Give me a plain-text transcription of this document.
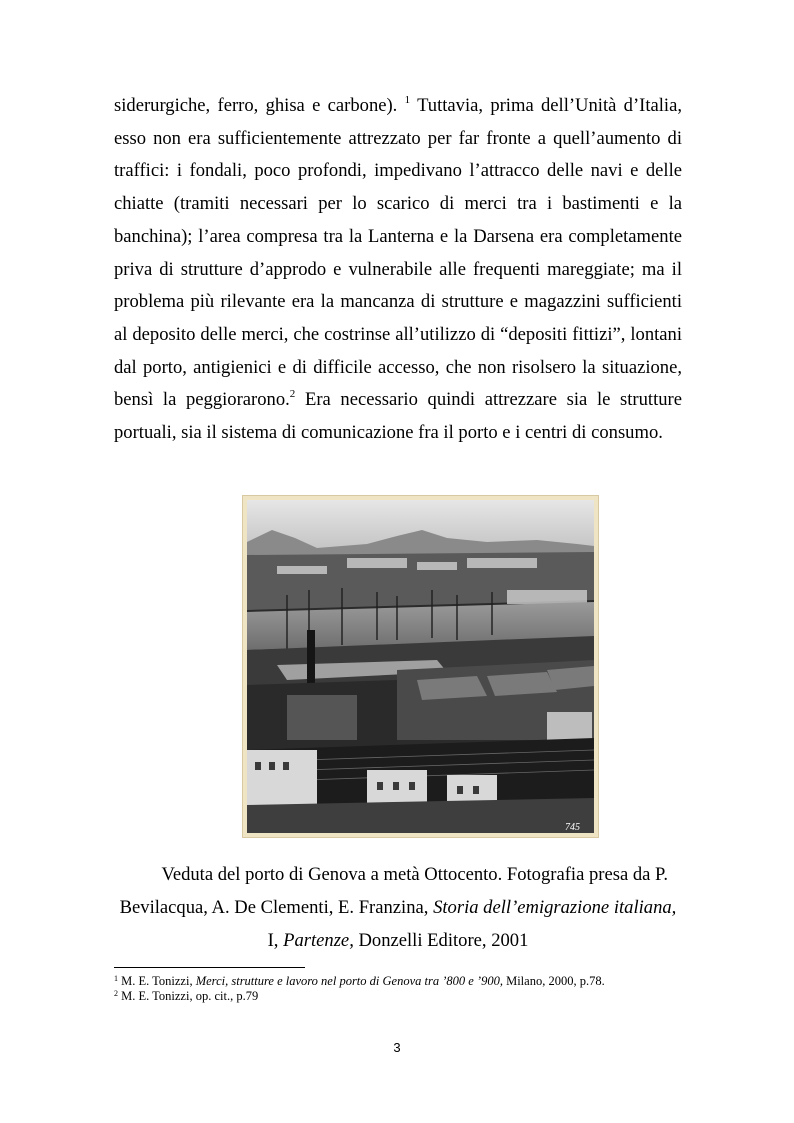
siderurgiche, ferro, ghisa e carbone). $^1$ Tuttavia, prima dell’Unità d’Italia, esso non era sufficientemente attrezzato per far fronte a quell’aumento di traffici: i fondali, poco profondi, impedivano l’attracco delle navi e delle chiatte (tramiti necessari per lo scarico di merci tra i bastimenti e la banchina); l’area compresa tra la Lanterna e la Darsena era completamente priva di strutture d’approdo e vulnerabile alle frequenti mareggiate; ma il problema più rilevante era la mancanza di strutture e magazzini sufficienti al deposito delle merci, che costrinse all’utilizzo di “depositi fittizi”, lontani dal porto, antigienici e di difficile accesso, che non risolsero la situazione, bensì la peggiorarono.$^2$ Era necessario quindi attrezzare sia le strutture portuali, sia il sistema di comunicazione fra il porto e i centri di consumo.

745

Veduta del porto di Genova a metà Ottocento. Fotografia presa da P.
Bevilacqua, A. De Clementi, E. Franzina, Storia dell’emigrazione italiana,
I, Partenze, Donzelli Editore, 2001

$^1$ M. E. Tonizzi, Merci, strutture e lavoro nel porto di Genova tra ’800 e ’900, Milano, 2000, p.78.
$^2$ M. E. Tonizzi, op. cit., p.79
3
